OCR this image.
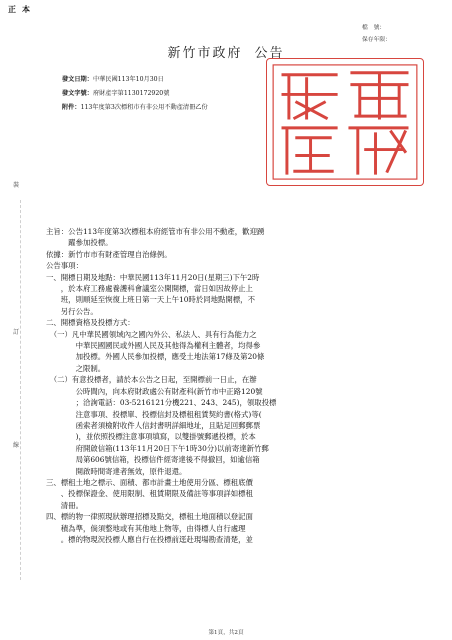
正本
檔　號：
保存年限：
新竹市政府 公告
發文日期：中華民國113年10月30日
發文字號：府財產字第1130172920號
附件：113年度第3次標租市有非公用不動產清冊乙份
裝
訂
線
主旨：公告113年度第3次標租本府經管市有非公用不動產，歡迎踴
　　　躍參加投標。
依據：新竹市市有財產管理自治條例。
公告事項：
一、開標日期及地點：中華民國113年11月20日(星期三)下午2時
　　，於本府工務處養護科會議室公開開標，當日如因故停止上
　　班，則順延至恢復上班日第一天上午10時於同地點開標，不
　　另行公告。
二、開標資格及投標方式：
　（一）凡中華民國領域內之國內外公、私法人、具有行為能力之
　　　　中華民國國民或外國人民及其他得為權利主體者，均得參
　　　　加投標。外國人民參加投標，應受土地法第17條及第20條
　　　　之限制。
　（二）有意投標者，請於本公告之日起，至開標前一日止，在辦
　　　　公時間內，向本府財政處公有財產科(新竹市中正路120號
　　　　；洽詢電話：03-5216121分機221、243、245)，領取投標
　　　　注意事項、投標單、投標信封及標租租賃契約書(格式)等(
　　　　函索者須檢附收件人信封書明詳細地址，且貼足回郵郵票
　　　　)，並依照投標注意事項填寫，以雙掛號郵遞投標，於本
　　　　府開啟信箱(113年11月20日下午1時30分)以前寄達新竹郵
　　　　局第606號信箱，投標信件經寄達後不得撤回，如逾信箱
　　　　開啟時間寄達者無效，原件退還。
三、標租土地之標示、面積、都市計畫土地使用分區、標租底價
　　、投標保證金、使用限制、租賃期限及備註等事項詳如標租
　　清冊。
四、標的物一律照現狀辦理招標及點交，標租土地面積以登記面
　　積為準，倘須整地或有其他地上物等，由得標人自行處理
　　。標的物現況投標人應自行在投標前逕赴現場勘查清楚，並
第1頁，共2頁
